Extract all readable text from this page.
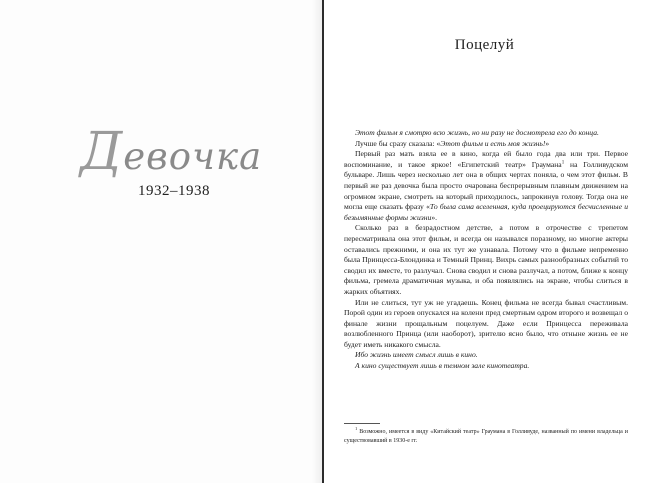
Девочка
1932–1938
Поцелуй

Этот фильм я смотрю всю жизнь, но ни разу не досмотрела его до конца.

Лучше бы сразу сказала: «Этот фильм и есть моя жизнь!»

Первый раз мать взяла ее в кино, когда ей было года два или три. Первое воспоминание, и такое яркое! «Египетский театр» Граумана$^1$ на Голливудском бульваре. Лишь через несколько лет она в общих чертах поняла, о чем этот фильм. В первый же раз девочка была просто очарована беспрерывным плавным движением на огромном экране, смотреть на который приходилось, запрокинув голову. Тогда она не могла еще сказать фразу «То была сама вселенная, куда проецируются бесчисленные и безымянные формы жизни».

Сколько раз в безрадостном детстве, а потом в отрочестве с трепетом пересматривала она этот фильм, и всегда он назывался поразному, но многие актеры оставались прежними, и она их тут же узнавала. Потому что в фильме непременно была Принцесса-Блондинка и Темный Принц. Вихрь самых разнообразных событий то сводил их вместе, то разлучал. Снова сводил и снова разлучал, а потом, ближе к концу фильма, гремела драматичная музыка, и оба появлялись на экране, чтобы слиться в жарких объятиях.

Или не слиться, тут уж не угадаешь. Конец фильма не всегда бывал счастливым. Порой один из героев опускался на колени пред смертным одром второго и возвещал о финале жизни прощальным поцелуем. Даже если Принцесса переживала возлюбленного Принца (или наоборот), зрителю ясно было, что отныне жизнь ее не будет иметь никакого смысла.

Ибо жизнь имеет смысл лишь в кино.

А кино существует лишь в темном зале кинотеатра.

$^1$ Возможно, имеется в виду «Китайский театр» Граумана в Голливуде, названный по имени владельца и существовавший в 1930-е гг.
